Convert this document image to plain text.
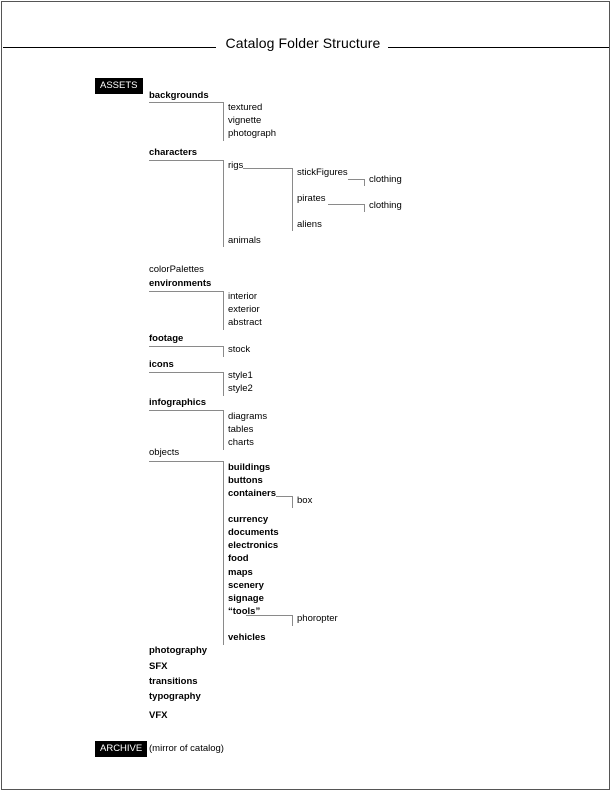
Catalog Folder Structure
ASSETS
backgrounds
textured
vignette
photograph
characters
rigs
stickFigures
clothing
pirates
clothing
aliens
animals
colorPalettes
environments
interior
exterior
abstract
footage
stock
icons
style1
style2
infographics
diagrams
tables
charts
objects
buildings
buttons
containers
box
currency
documents
electronics
food
maps
scenery
signage
“tools”
phoropter
vehicles
photography
SFX
transitions
typography
VFX
ARCHIVE (mirror of catalog)
